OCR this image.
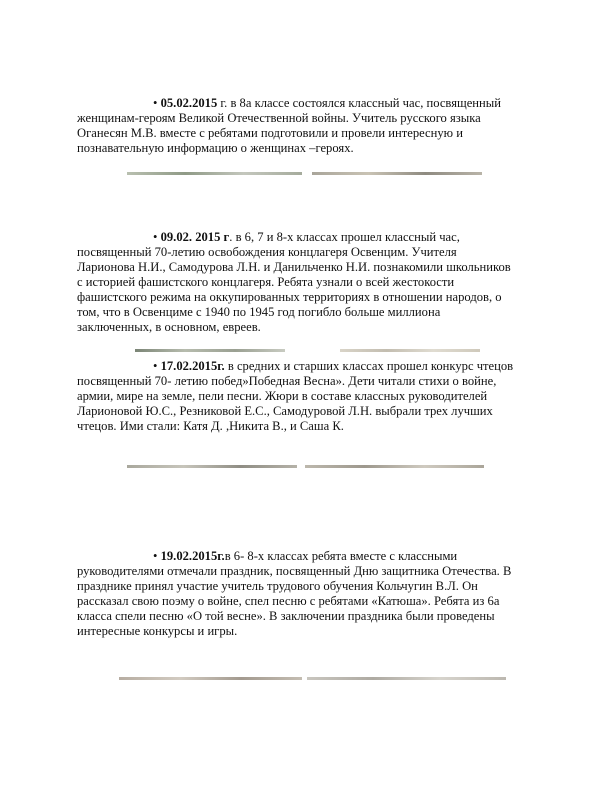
• 05.02.2015 г. в 8а классе состоялся классный час, посвященный женщинам-героям Великой Отечественной войны. Учитель русского языка Оганесян М.В. вместе с ребятами подготовили и провели интересную и познавательную информацию о женщинах –героях.
• 09.02. 2015 г. в 6, 7 и 8-х классах прошел классный час, посвященный 70-летию освобождения концлагеря Освенцим. Учителя Ларионова Н.И., Самодурова Л.Н. и Данильченко Н.И. познакомили школьников с историей фашистского концлагеря. Ребята узнали о всей жестокости фашистского режима на оккупированных территориях в отношении народов, о том, что в Освенциме с 1940 по 1945 год погибло больше миллиона заключенных, в основном, евреев.
• 17.02.2015г. в средних и старших классах прошел конкурс чтецов посвященный 70- летию побед»Победная Весна». Дети читали стихи о войне, армии, мире на земле, пели песни. Жюри в составе классных руководителей Ларионовой Ю.С., Резниковой Е.С., Самодуровой Л.Н. выбрали трех лучших чтецов. Ими стали: Катя Д. ,Никита В., и Саша К.
• 19.02.2015г.в 6- 8-х классах ребята вместе с классными руководителями отмечали праздник, посвященный Дню защитника Отечества. В празднике принял участие учитель трудового обучения Кольчугин В.Л. Он рассказал свою поэму о войне, спел песню с ребятами «Катюша». Ребята из 6а класса спели песню «О той весне». В заключении праздника были проведены интересные конкурсы и игры.
